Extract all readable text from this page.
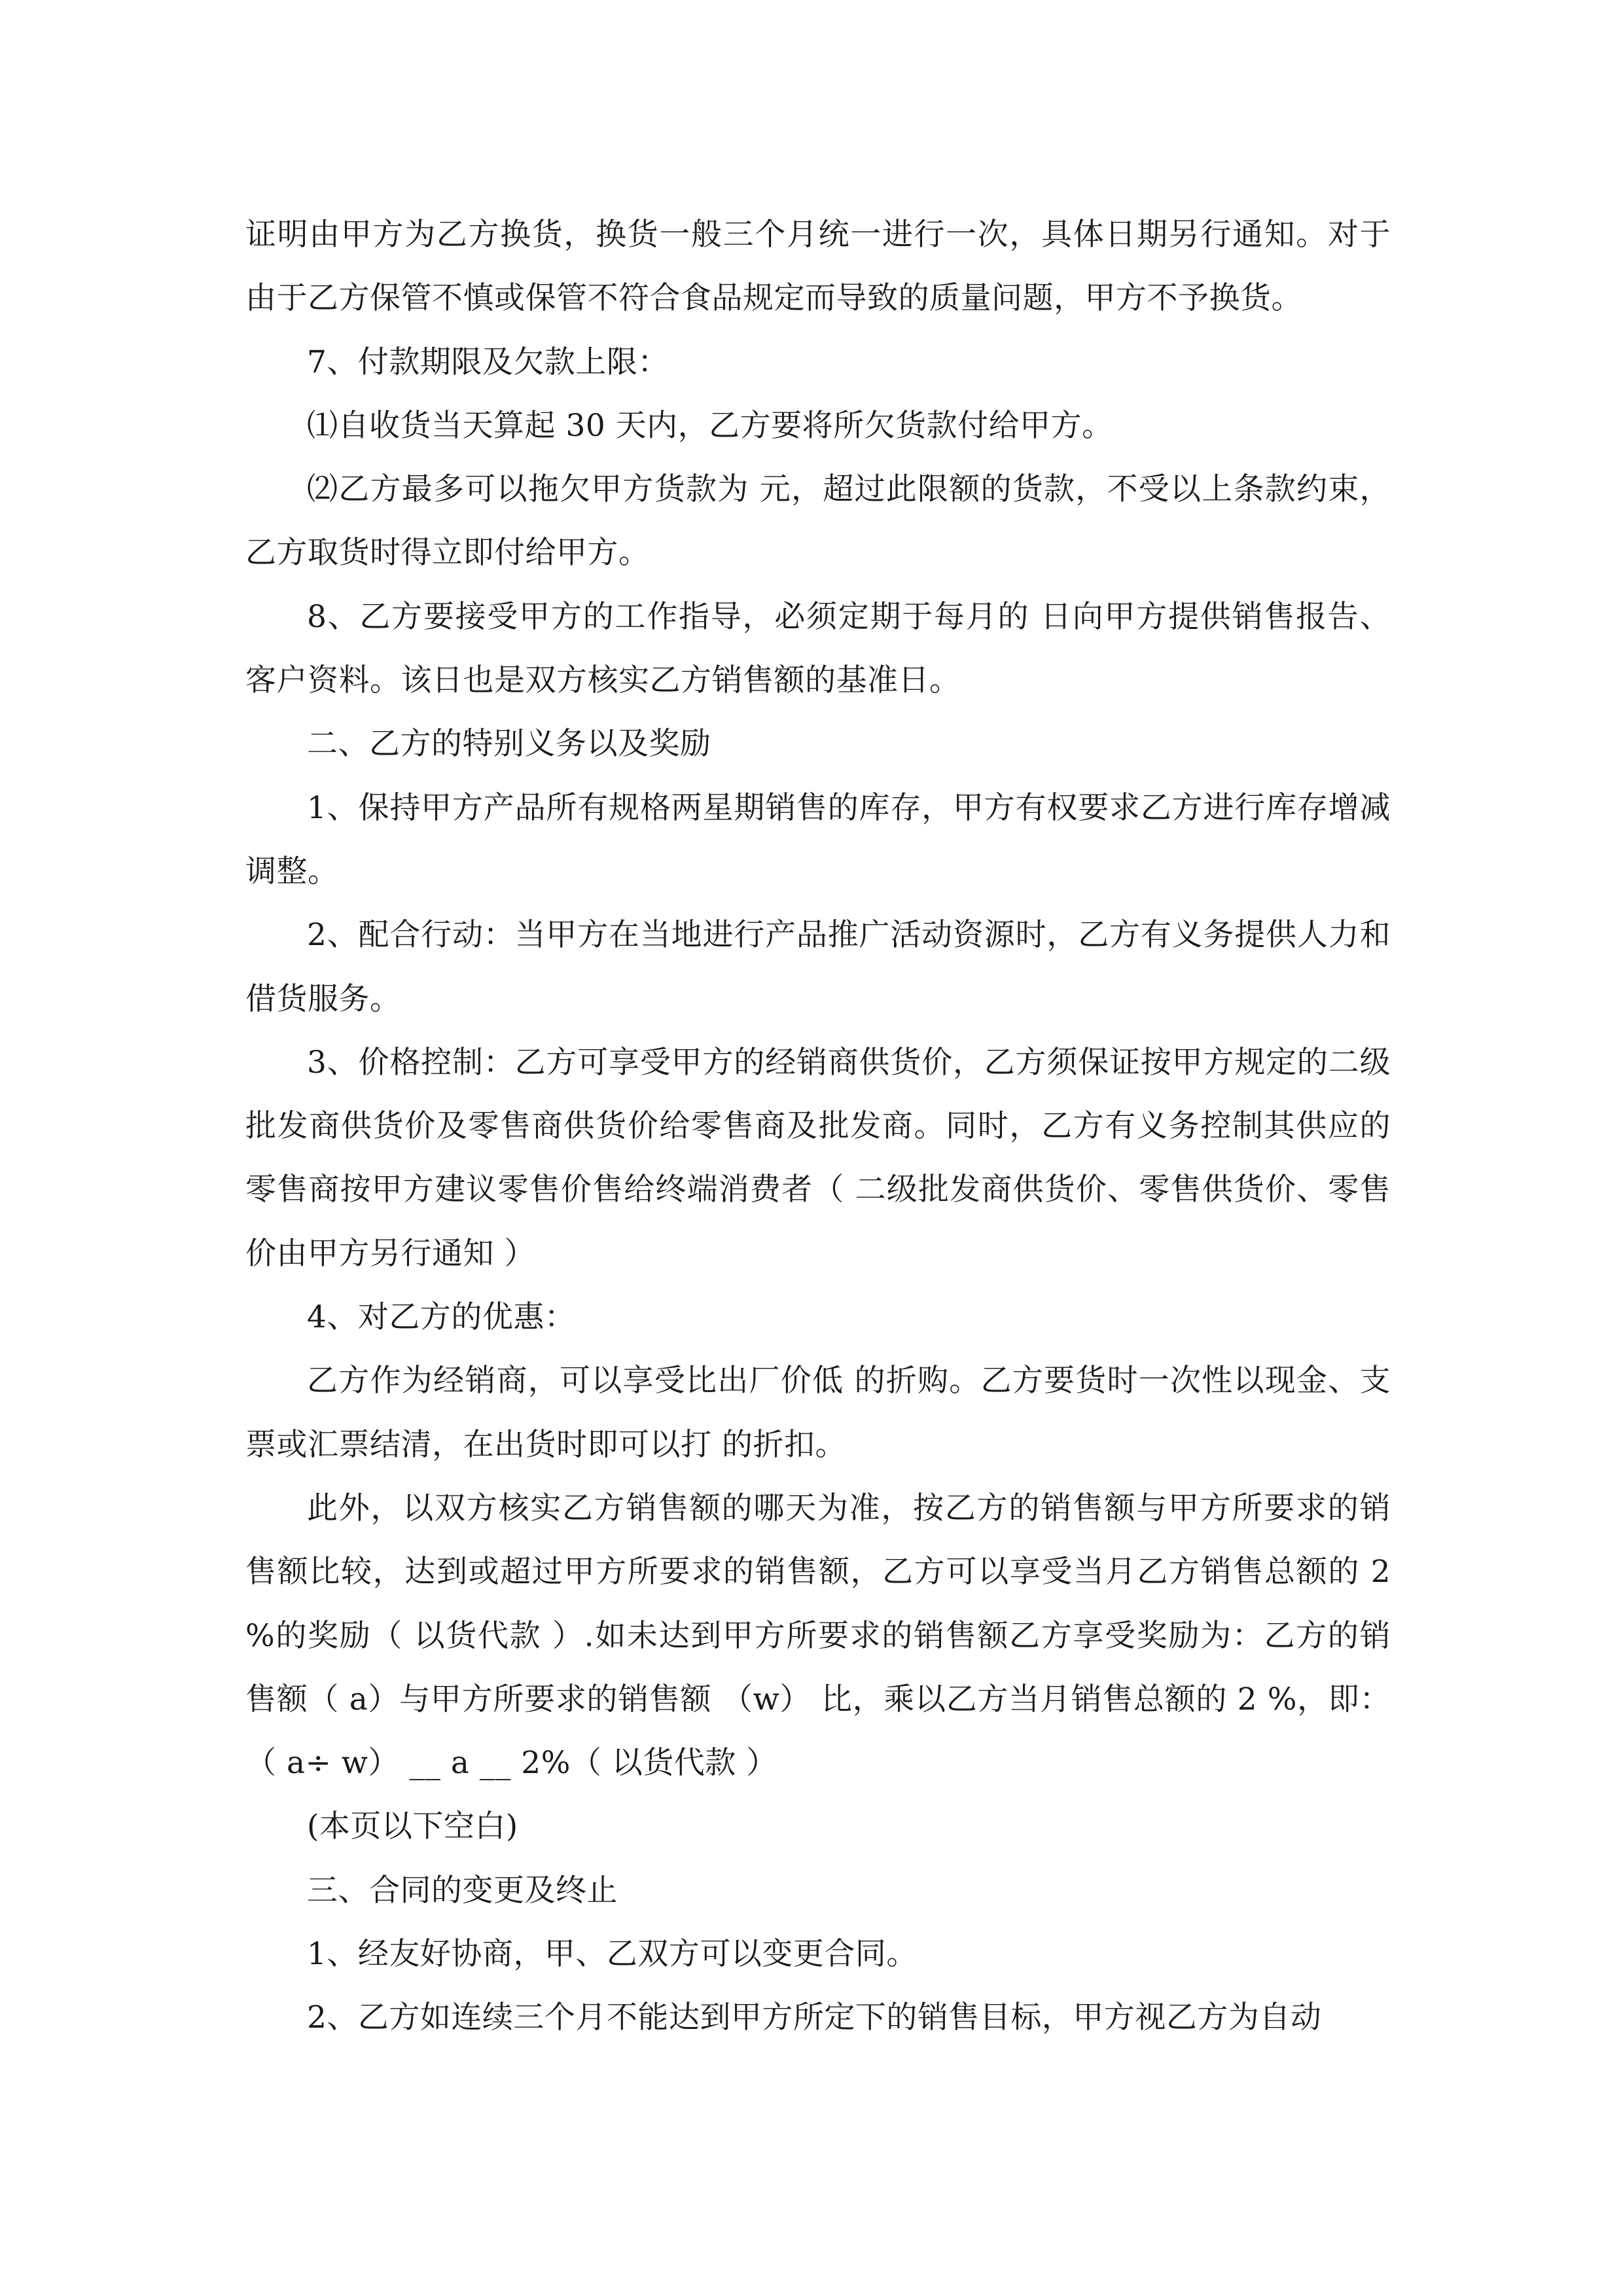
证明由甲方为乙方换货，换货一般三个月统一进行一次，具体日期另行通知。对于由于乙方保管不慎或保管不符合食品规定而导致的质量问题，甲方不予换货。

7、付款期限及欠款上限：

⑴自收货当天算起 30 天内，乙方要将所欠货款付给甲方。

⑵乙方最多可以拖欠甲方货款为 元，超过此限额的货款，不受以上条款约束，乙方取货时得立即付给甲方。

8、乙方要接受甲方的工作指导，必须定期于每月的 日向甲方提供销售报告、客户资料。该日也是双方核实乙方销售额的基准日。

二、乙方的特别义务以及奖励

1、保持甲方产品所有规格两星期销售的库存，甲方有权要求乙方进行库存增减调整。

2、配合行动：当甲方在当地进行产品推广活动资源时，乙方有义务提供人力和借货服务。

3、价格控制：乙方可享受甲方的经销商供货价，乙方须保证按甲方规定的二级批发商供货价及零售商供货价给零售商及批发商。同时，乙方有义务控制其供应的零售商按甲方建议零售价售给终端消费者（ 二级批发商供货价、零售供货价、零售价由甲方另行通知 ）

4、对乙方的优惠：

乙方作为经销商，可以享受比出厂价低 的折购。乙方要货时一次性以现金、支票或汇票结清，在出货时即可以打 的折扣。

此外，以双方核实乙方销售额的哪天为准，按乙方的销售额与甲方所要求的销售额比较，达到或超过甲方所要求的销售额，乙方可以享受当月乙方销售总额的 2 %的奖励（ 以货代款 ）.如未达到甲方所要求的销售额乙方享受奖励为：乙方的销售额（ a）与甲方所要求的销售额 （w） 比，乘以乙方当月销售总额的 2 %，即：（ a÷ w） __ a __ 2%（ 以货代款 ）

(本页以下空白)

三、合同的变更及终止

1、经友好协商，甲、乙双方可以变更合同。

2、乙方如连续三个月不能达到甲方所定下的销售目标，甲方视乙方为自动
